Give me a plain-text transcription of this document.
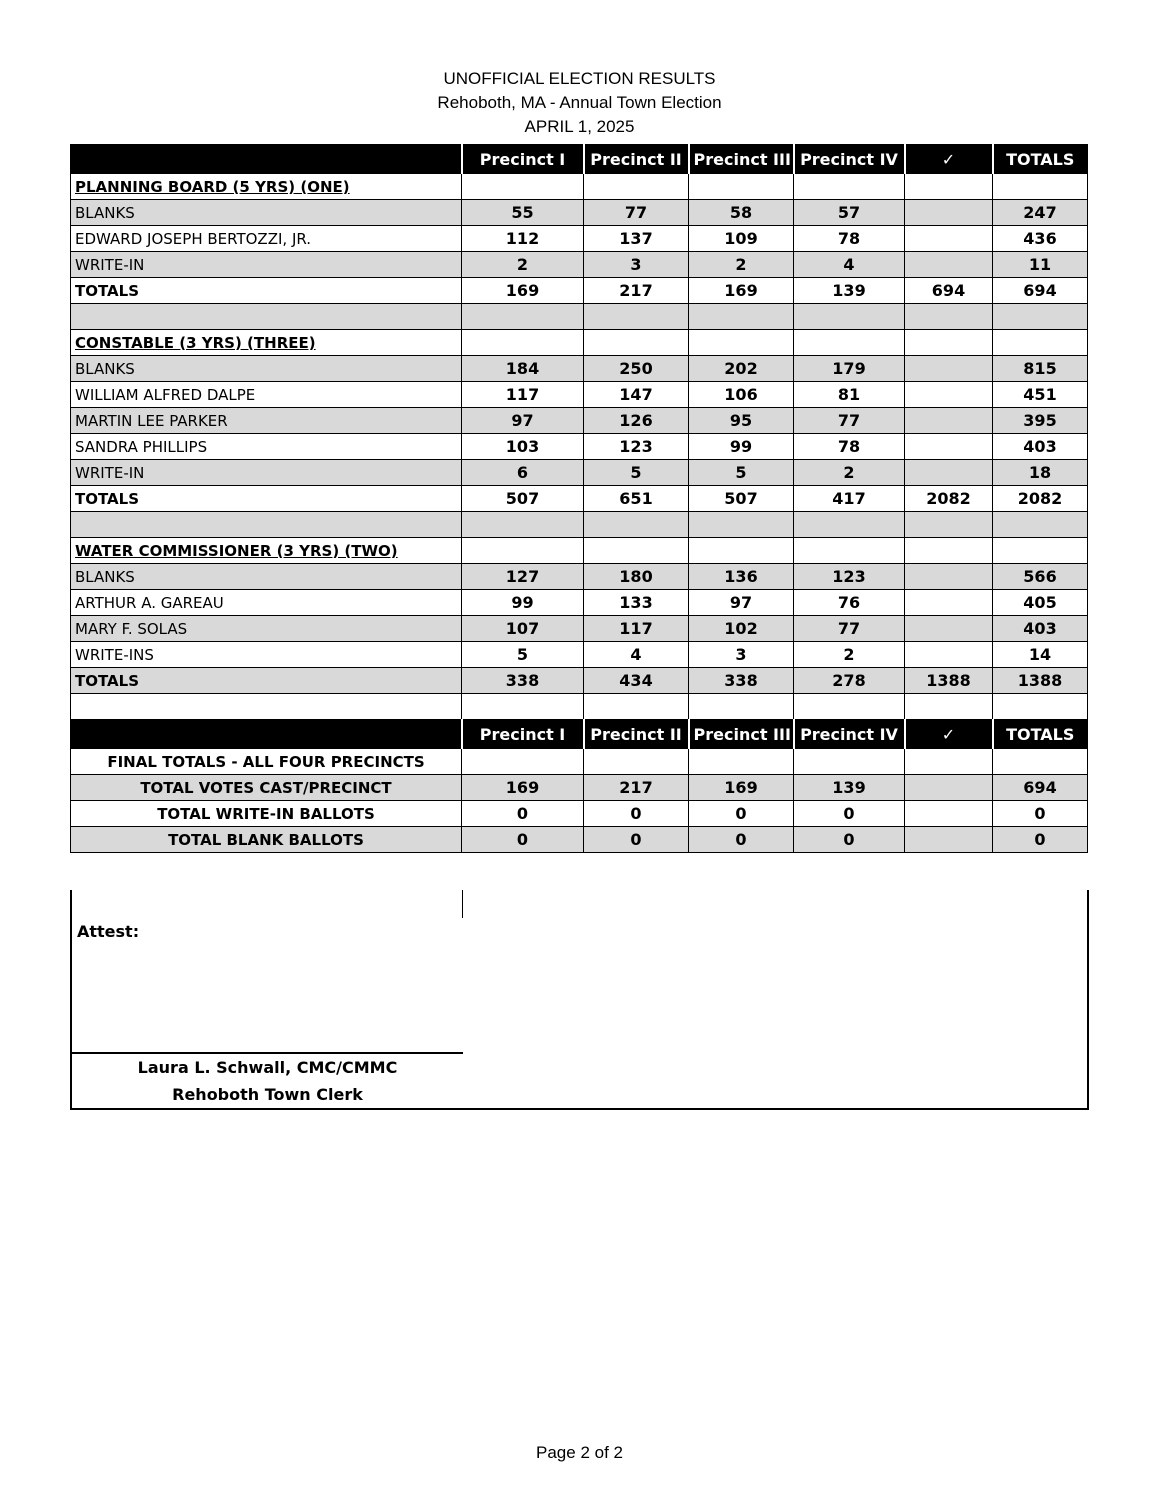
UNOFFICIAL ELECTION RESULTS
Rehoboth, MA - Annual Town Election
APRIL 1, 2025
	Precinct I	Precinct II	Precinct III	Precinct IV	✓	TOTALS
PLANNING BOARD (5 YRS) (ONE)						
BLANKS	55	77	58	57		247
EDWARD JOSEPH BERTOZZI, JR.	112	137	109	78		436
WRITE-IN	2	3	2	4		11
TOTALS	169	217	169	139	694	694

CONSTABLE (3 YRS) (THREE)						
BLANKS	184	250	202	179		815
WILLIAM ALFRED DALPE	117	147	106	81		451
MARTIN LEE PARKER	97	126	95	77		395
SANDRA PHILLIPS	103	123	99	78		403
WRITE-IN	6	5	5	2		18
TOTALS	507	651	507	417	2082	2082

WATER COMMISSIONER (3 YRS) (TWO)						
BLANKS	127	180	136	123		566
ARTHUR A. GAREAU	99	133	97	76		405
MARY F. SOLAS	107	117	102	77		403
WRITE-INS	5	4	3	2		14
TOTALS	338	434	338	278	1388	1388

	Precinct I	Precinct II	Precinct III	Precinct IV	✓	TOTALS
FINAL TOTALS - ALL FOUR PRECINCTS						
TOTAL VOTES CAST/PRECINCT	169	217	169	139		694
TOTAL WRITE-IN BALLOTS	0	0	0	0		0
TOTAL BLANK BALLOTS	0	0	0	0		0
Attest:
Laura L. Schwall, CMC/CMMC
Rehoboth Town Clerk
Page 2 of 2
